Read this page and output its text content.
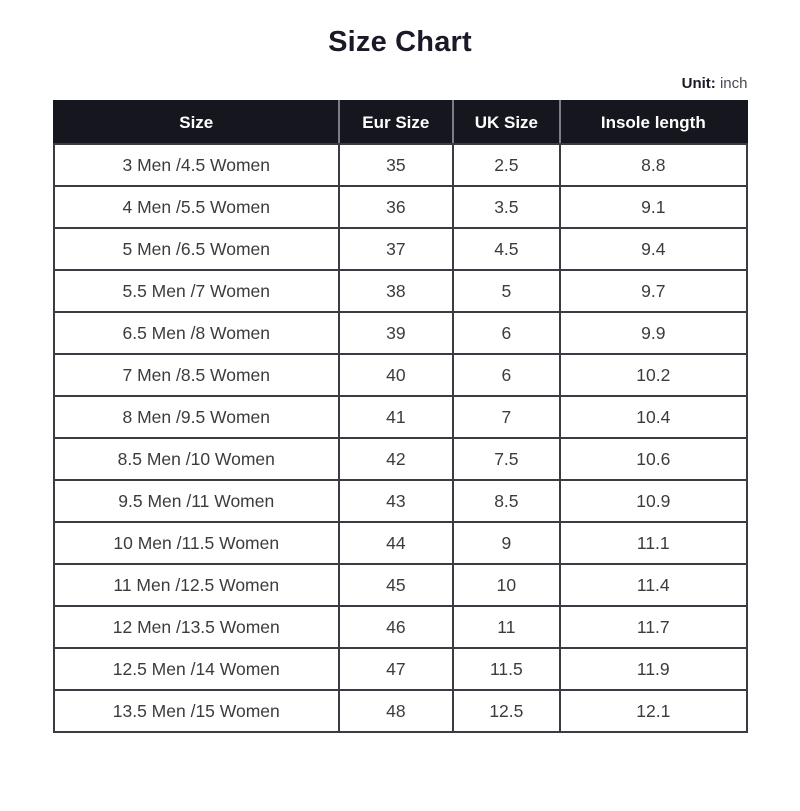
Size Chart
Unit: inch
Size	Eur Size	UK Size	Insole length
3 Men /4.5 Women	35	2.5	8.8
4 Men /5.5 Women	36	3.5	9.1
5 Men /6.5 Women	37	4.5	9.4
5.5 Men /7 Women	38	5	9.7
6.5 Men /8 Women	39	6	9.9
7 Men /8.5 Women	40	6	10.2
8 Men /9.5 Women	41	7	10.4
8.5 Men /10 Women	42	7.5	10.6
9.5 Men /11 Women	43	8.5	10.9
10 Men /11.5 Women	44	9	11.1
11 Men /12.5 Women	45	10	11.4
12 Men /13.5 Women	46	11	11.7
12.5 Men /14 Women	47	11.5	11.9
13.5 Men /15 Women	48	12.5	12.1
